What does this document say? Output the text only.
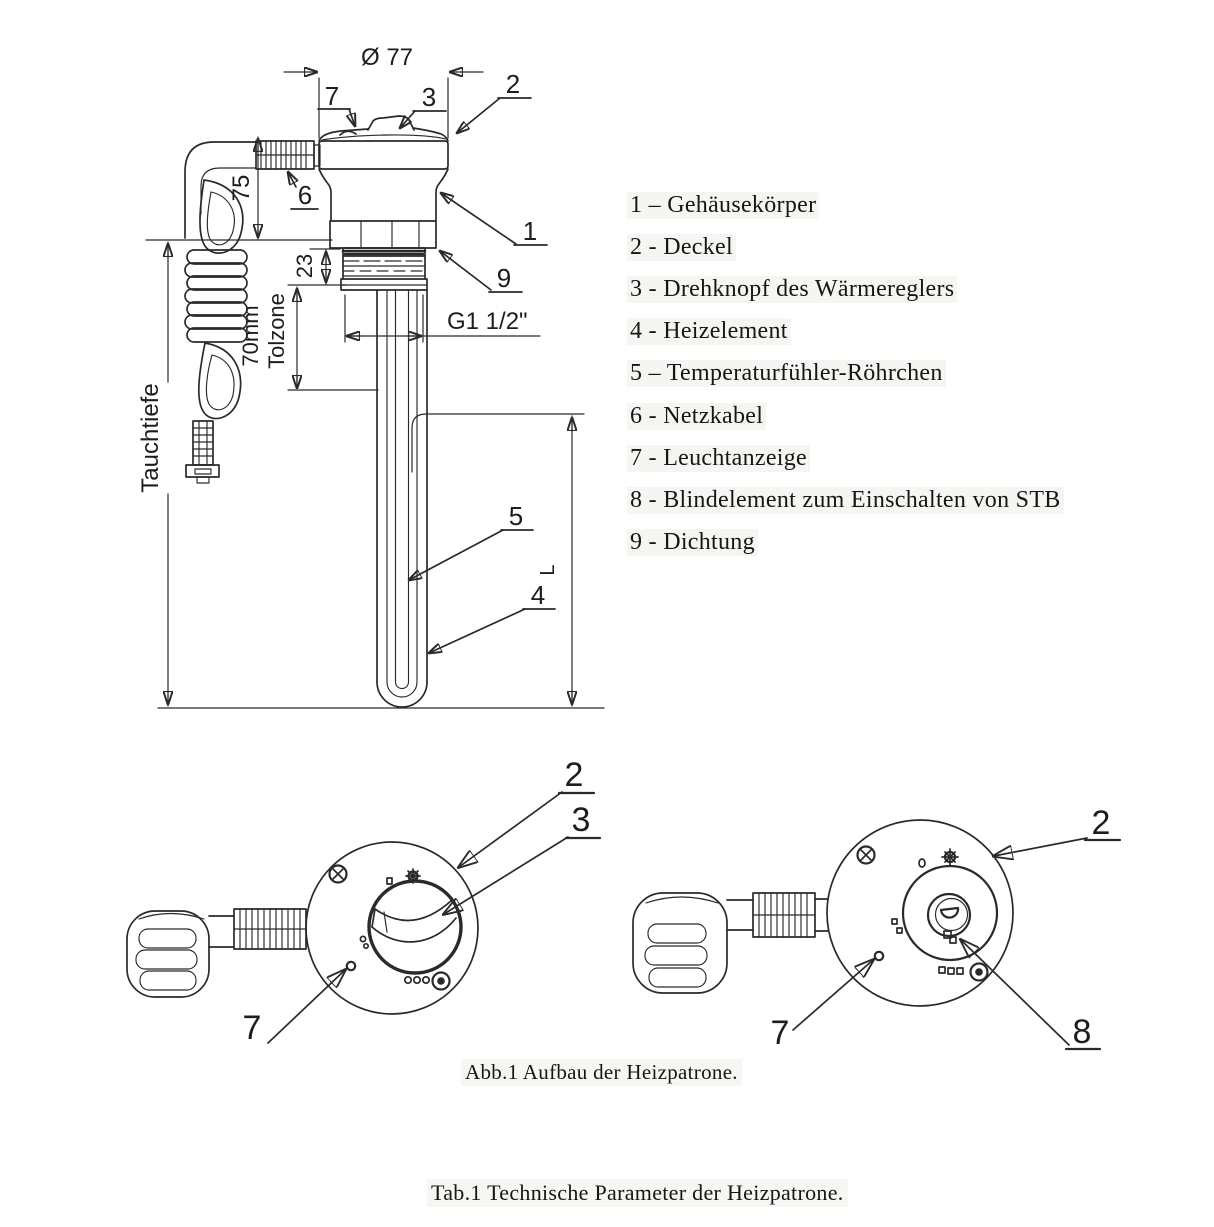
Ø 77
75
23
70mm Tolzone
Tauchtiefe
G1 1/2"
L
7	3	2
6
1
9
5
4
2
3
7
2
8
7
1 – Gehäusekörper
2 - Deckel
3 - Drehknopf des Wärmereglers
4 - Heizelement
5 – Temperaturfühler-Röhrchen
6 - Netzkabel
7 - Leuchtanzeige
8 - Blindelement zum Einschalten von STB
9 - Dichtung
Abb.1 Aufbau der Heizpatrone.
Tab.1 Technische Parameter der Heizpatrone.
